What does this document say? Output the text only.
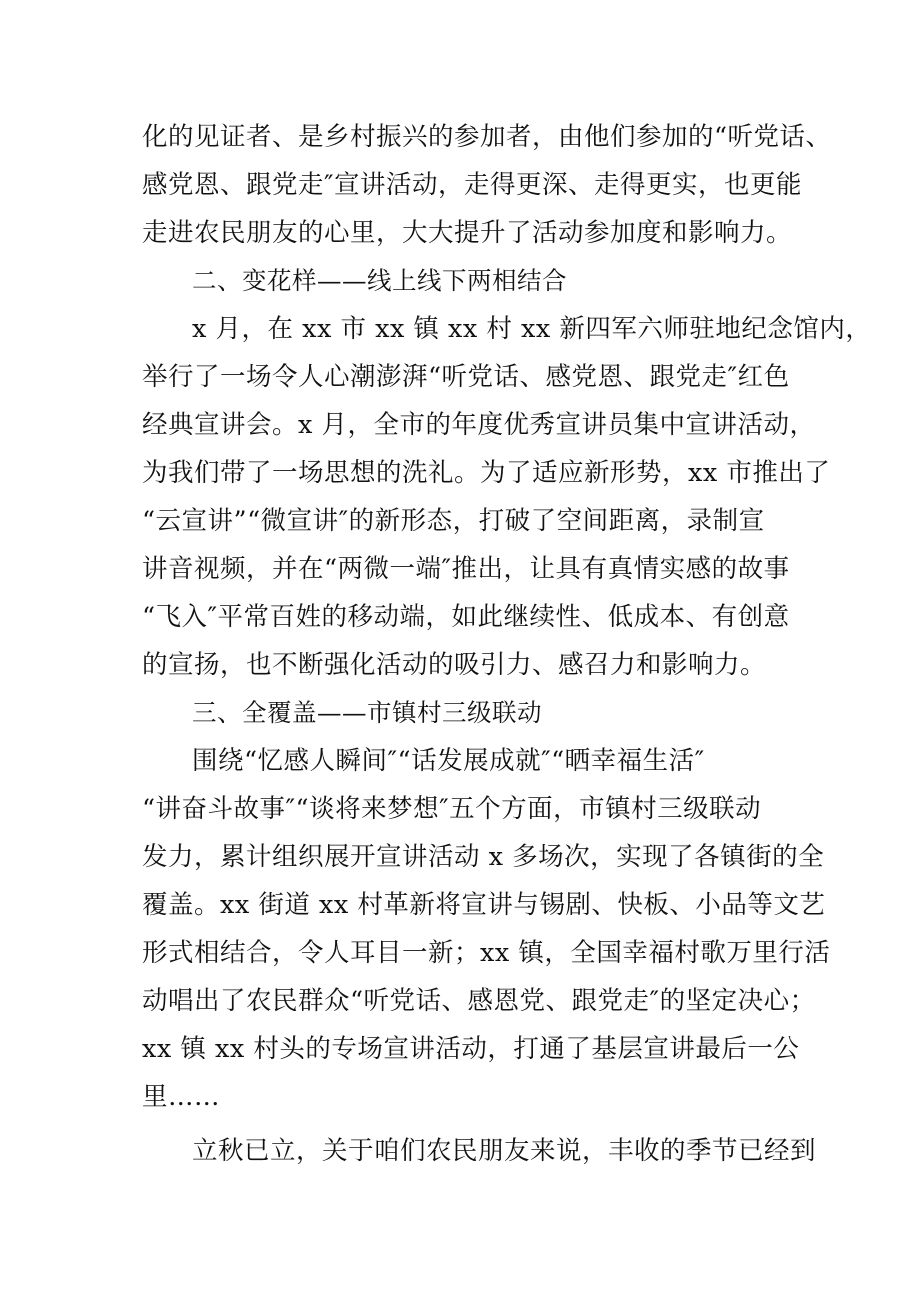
化的见证者、是乡村振兴的参加者，由他们参加的“听党话、
感党恩、跟党走″宣讲活动，走得更深、走得更实，也更能
走进农民朋友的心里，大大提升了活动参加度和影响力。
二、变花样——线上线下两相结合
x 月，在 xx 市 xx 镇 xx 村 xx 新四军六师驻地纪念馆内，
举行了一场令人心潮澎湃“听党话、感党恩、跟党走″红色
经典宣讲会。x 月，全市的年度优秀宣讲员集中宣讲活动，
为我们带了一场思想的洗礼。为了适应新形势，xx 市推出了
“云宣讲”“微宣讲″的新形态，打破了空间距离，录制宣
讲音视频，并在“两微一端″推出，让具有真情实感的故事
“飞入″平常百姓的移动端，如此继续性、低成本、有创意
的宣扬，也不断强化活动的吸引力、感召力和影响力。
三、全覆盖——市镇村三级联动
围绕“忆感人瞬间″“话发展成就″“晒幸福生活″
“讲奋斗故事″“谈将来梦想″五个方面，市镇村三级联动
发力，累计组织展开宣讲活动 x 多场次，实现了各镇街的全
覆盖。xx 街道 xx 村革新将宣讲与锡剧、快板、小品等文艺
形式相结合，令人耳目一新；xx 镇，全国幸福村歌万里行活
动唱出了农民群众“听党话、感恩党、跟党走″的坚定决心；
xx 镇 xx 村头的专场宣讲活动，打通了基层宣讲最后一公
里……
立秋已立，关于咱们农民朋友来说，丰收的季节已经到
